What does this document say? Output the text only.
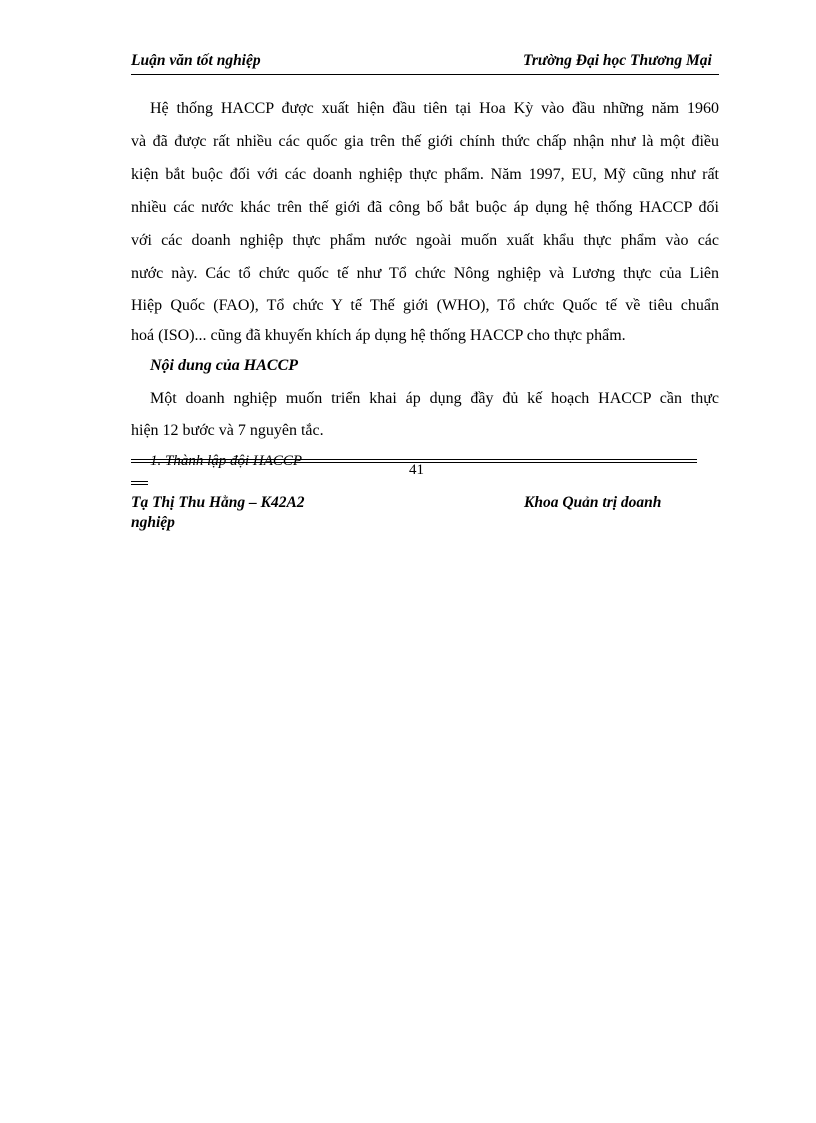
Luận văn tốt nghiệp	Trường Đại học Thương Mại
Hệ thống HACCP được xuất hiện đầu tiên tại Hoa Kỳ vào đầu những năm 1960
và đã được rất nhiều các quốc gia trên thế giới chính thức chấp nhận như là một điều
kiện bắt buộc đối với các doanh nghiệp thực phẩm. Năm 1997, EU, Mỹ cũng như rất
nhiều các nước khác trên thế giới đã công bố bắt buộc áp dụng hệ thống HACCP đối
với các doanh nghiệp thực phẩm nước ngoài muốn xuất khẩu thực phẩm vào các
nước này. Các tổ chức quốc tế như Tổ chức Nông nghiệp và Lương thực của Liên
Hiệp Quốc (FAO), Tổ chức Y tế Thế giới (WHO), Tổ chức Quốc tế về tiêu chuẩn
hoá (ISO)... cũng đã khuyến khích áp dụng hệ thống HACCP cho thực phẩm.
Nội dung của HACCP
Một doanh nghiệp muốn triển khai áp dụng đầy đủ kế hoạch HACCP cần thực
hiện 12 bước và 7 nguyên tắc.
1. Thành lập đội HACCP
41
Tạ Thị Thu Hằng – K42A2	Khoa Quản trị doanh
nghiệp
